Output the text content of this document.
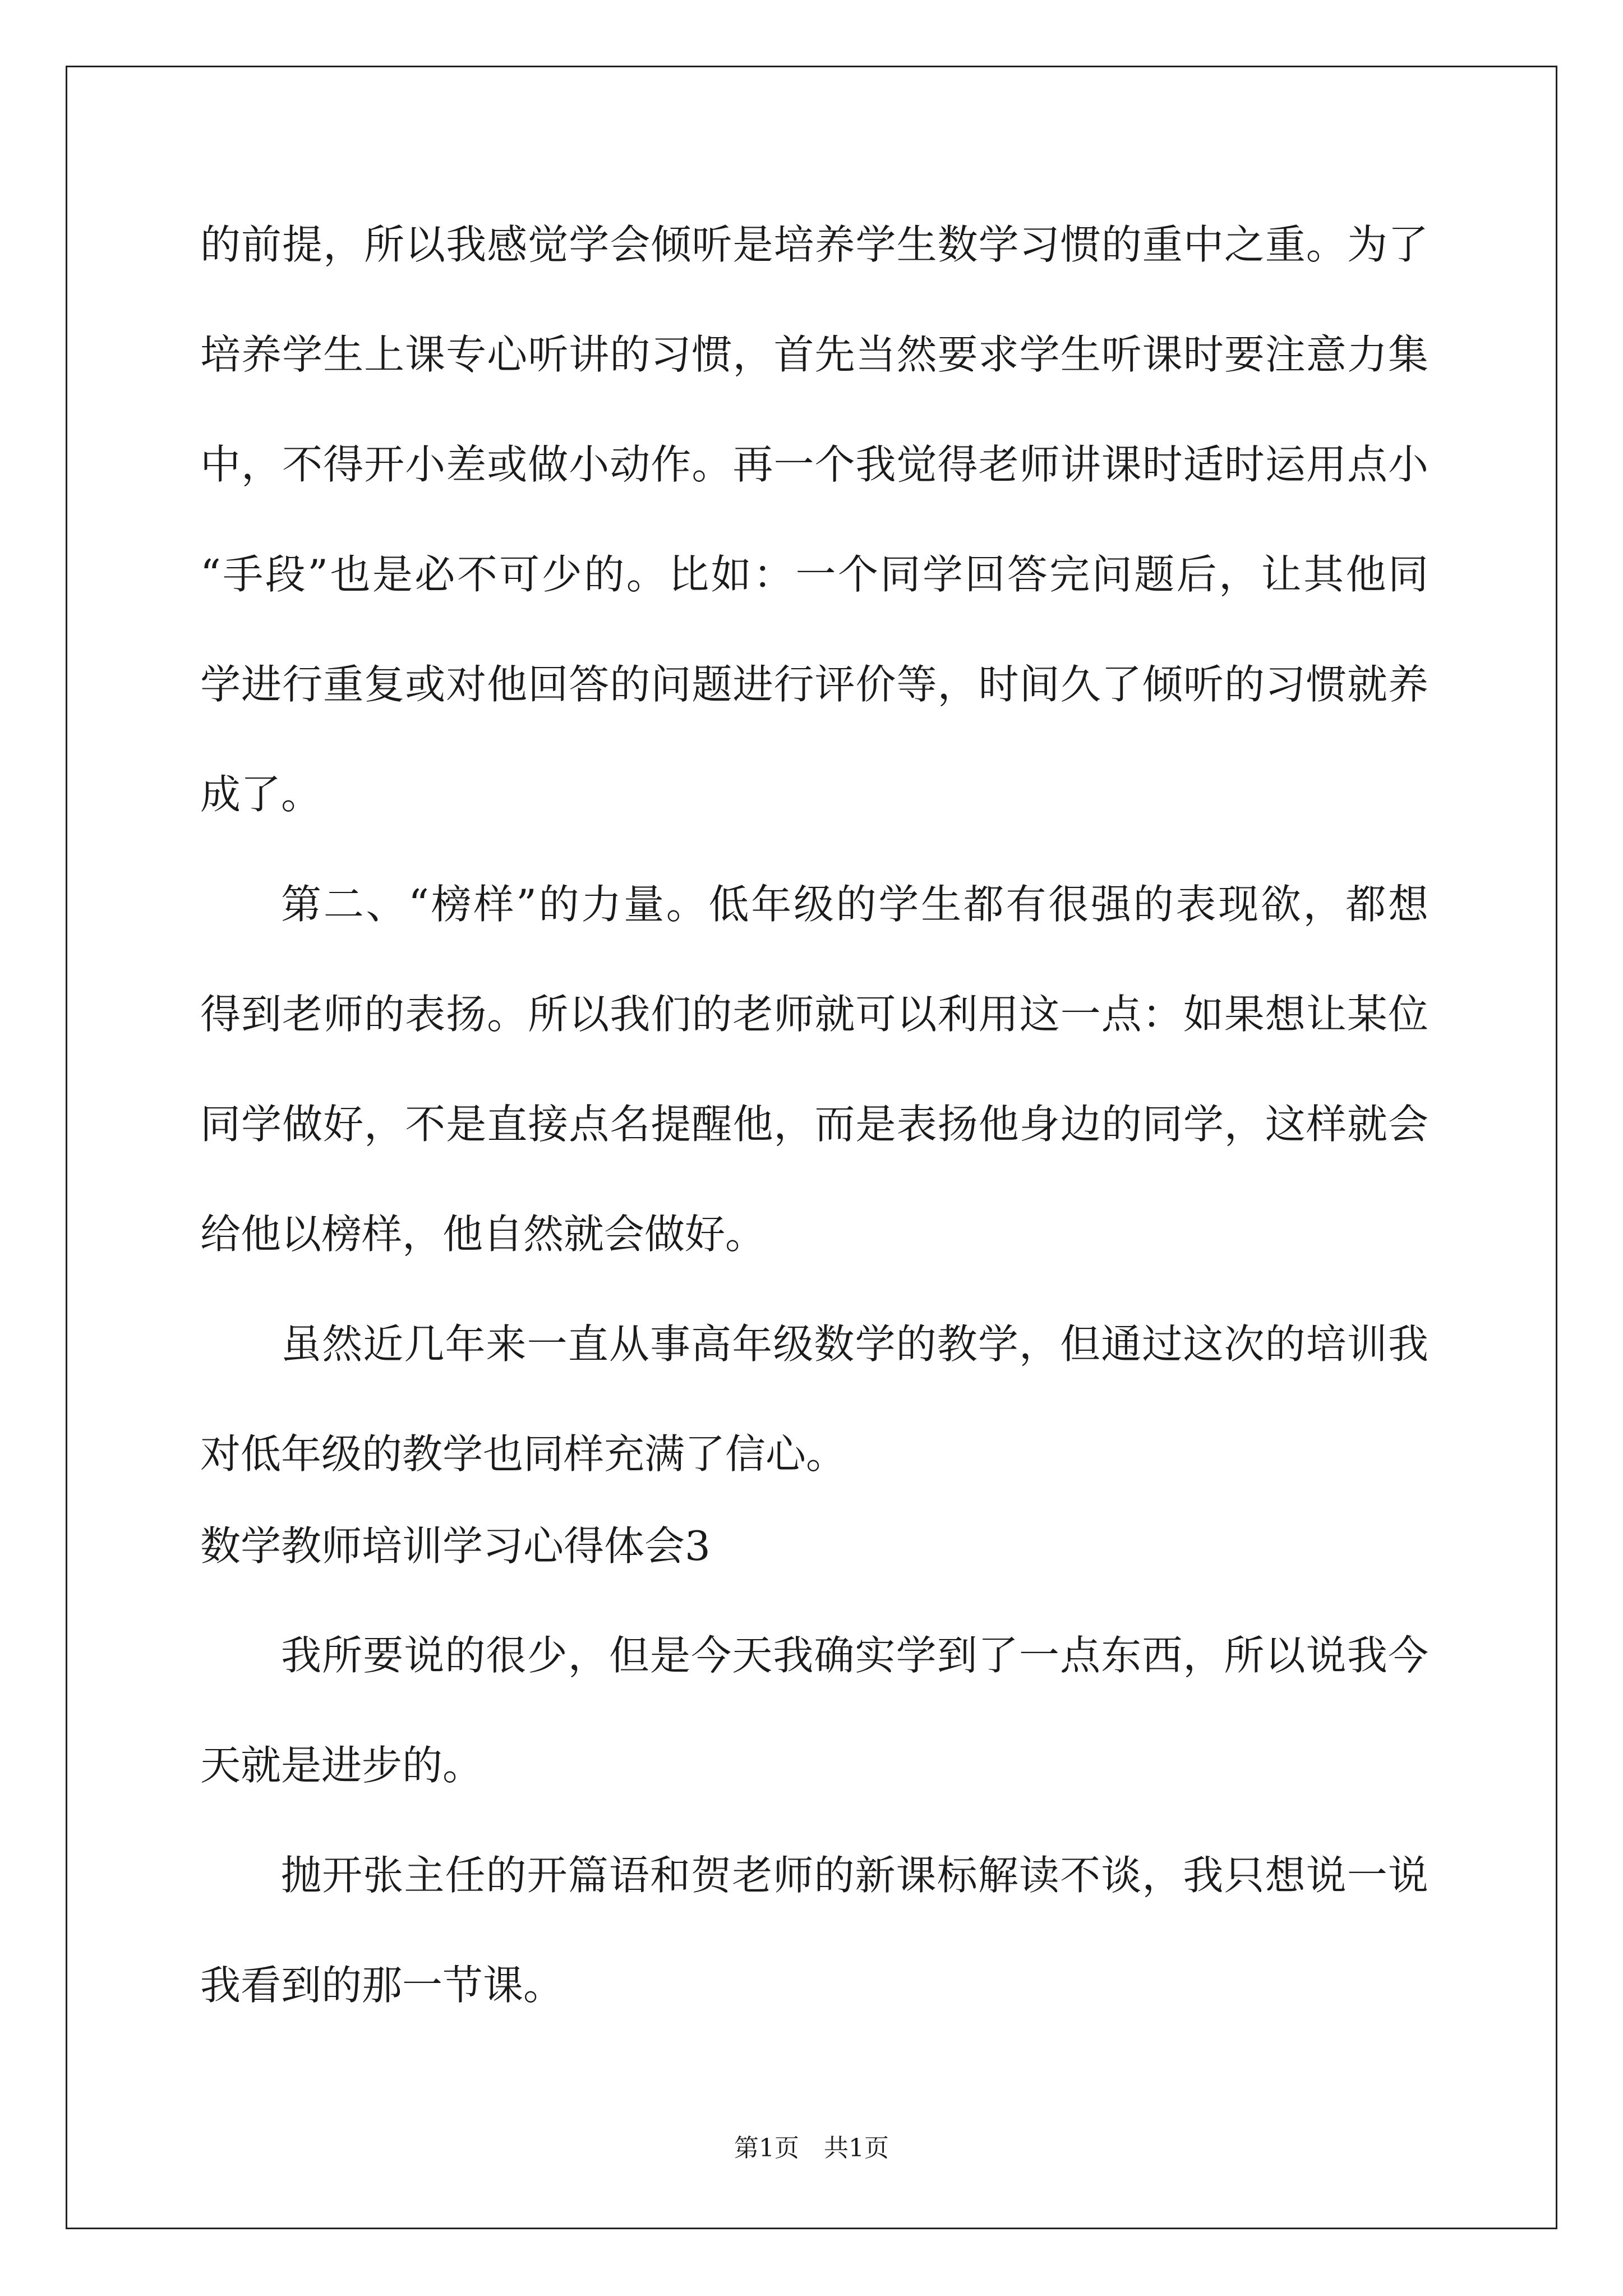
的前提，所以我感觉学会倾听是培养学生数学习惯的重中之重。为了
培养学生上课专心听讲的习惯，首先当然要求学生听课时要注意力集
中，不得开小差或做小动作。再一个我觉得老师讲课时适时运用点小
“手段”也是必不可少的。比如：一个同学回答完问题后，让其他同
学进行重复或对他回答的问题进行评价等，时间久了倾听的习惯就养
成了。
第二、“榜样”的力量。低年级的学生都有很强的表现欲，都想
得到老师的表扬。所以我们的老师就可以利用这一点：如果想让某位
同学做好，不是直接点名提醒他，而是表扬他身边的同学，这样就会
给他以榜样，他自然就会做好。
虽然近几年来一直从事高年级数学的教学，但通过这次的培训我
对低年级的教学也同样充满了信心。
数学教师培训学习心得体会3
我所要说的很少，但是今天我确实学到了一点东西，所以说我今
天就是进步的。
抛开张主任的开篇语和贺老师的新课标解读不谈，我只想说一说
我看到的那一节课。
第1页　共1页
